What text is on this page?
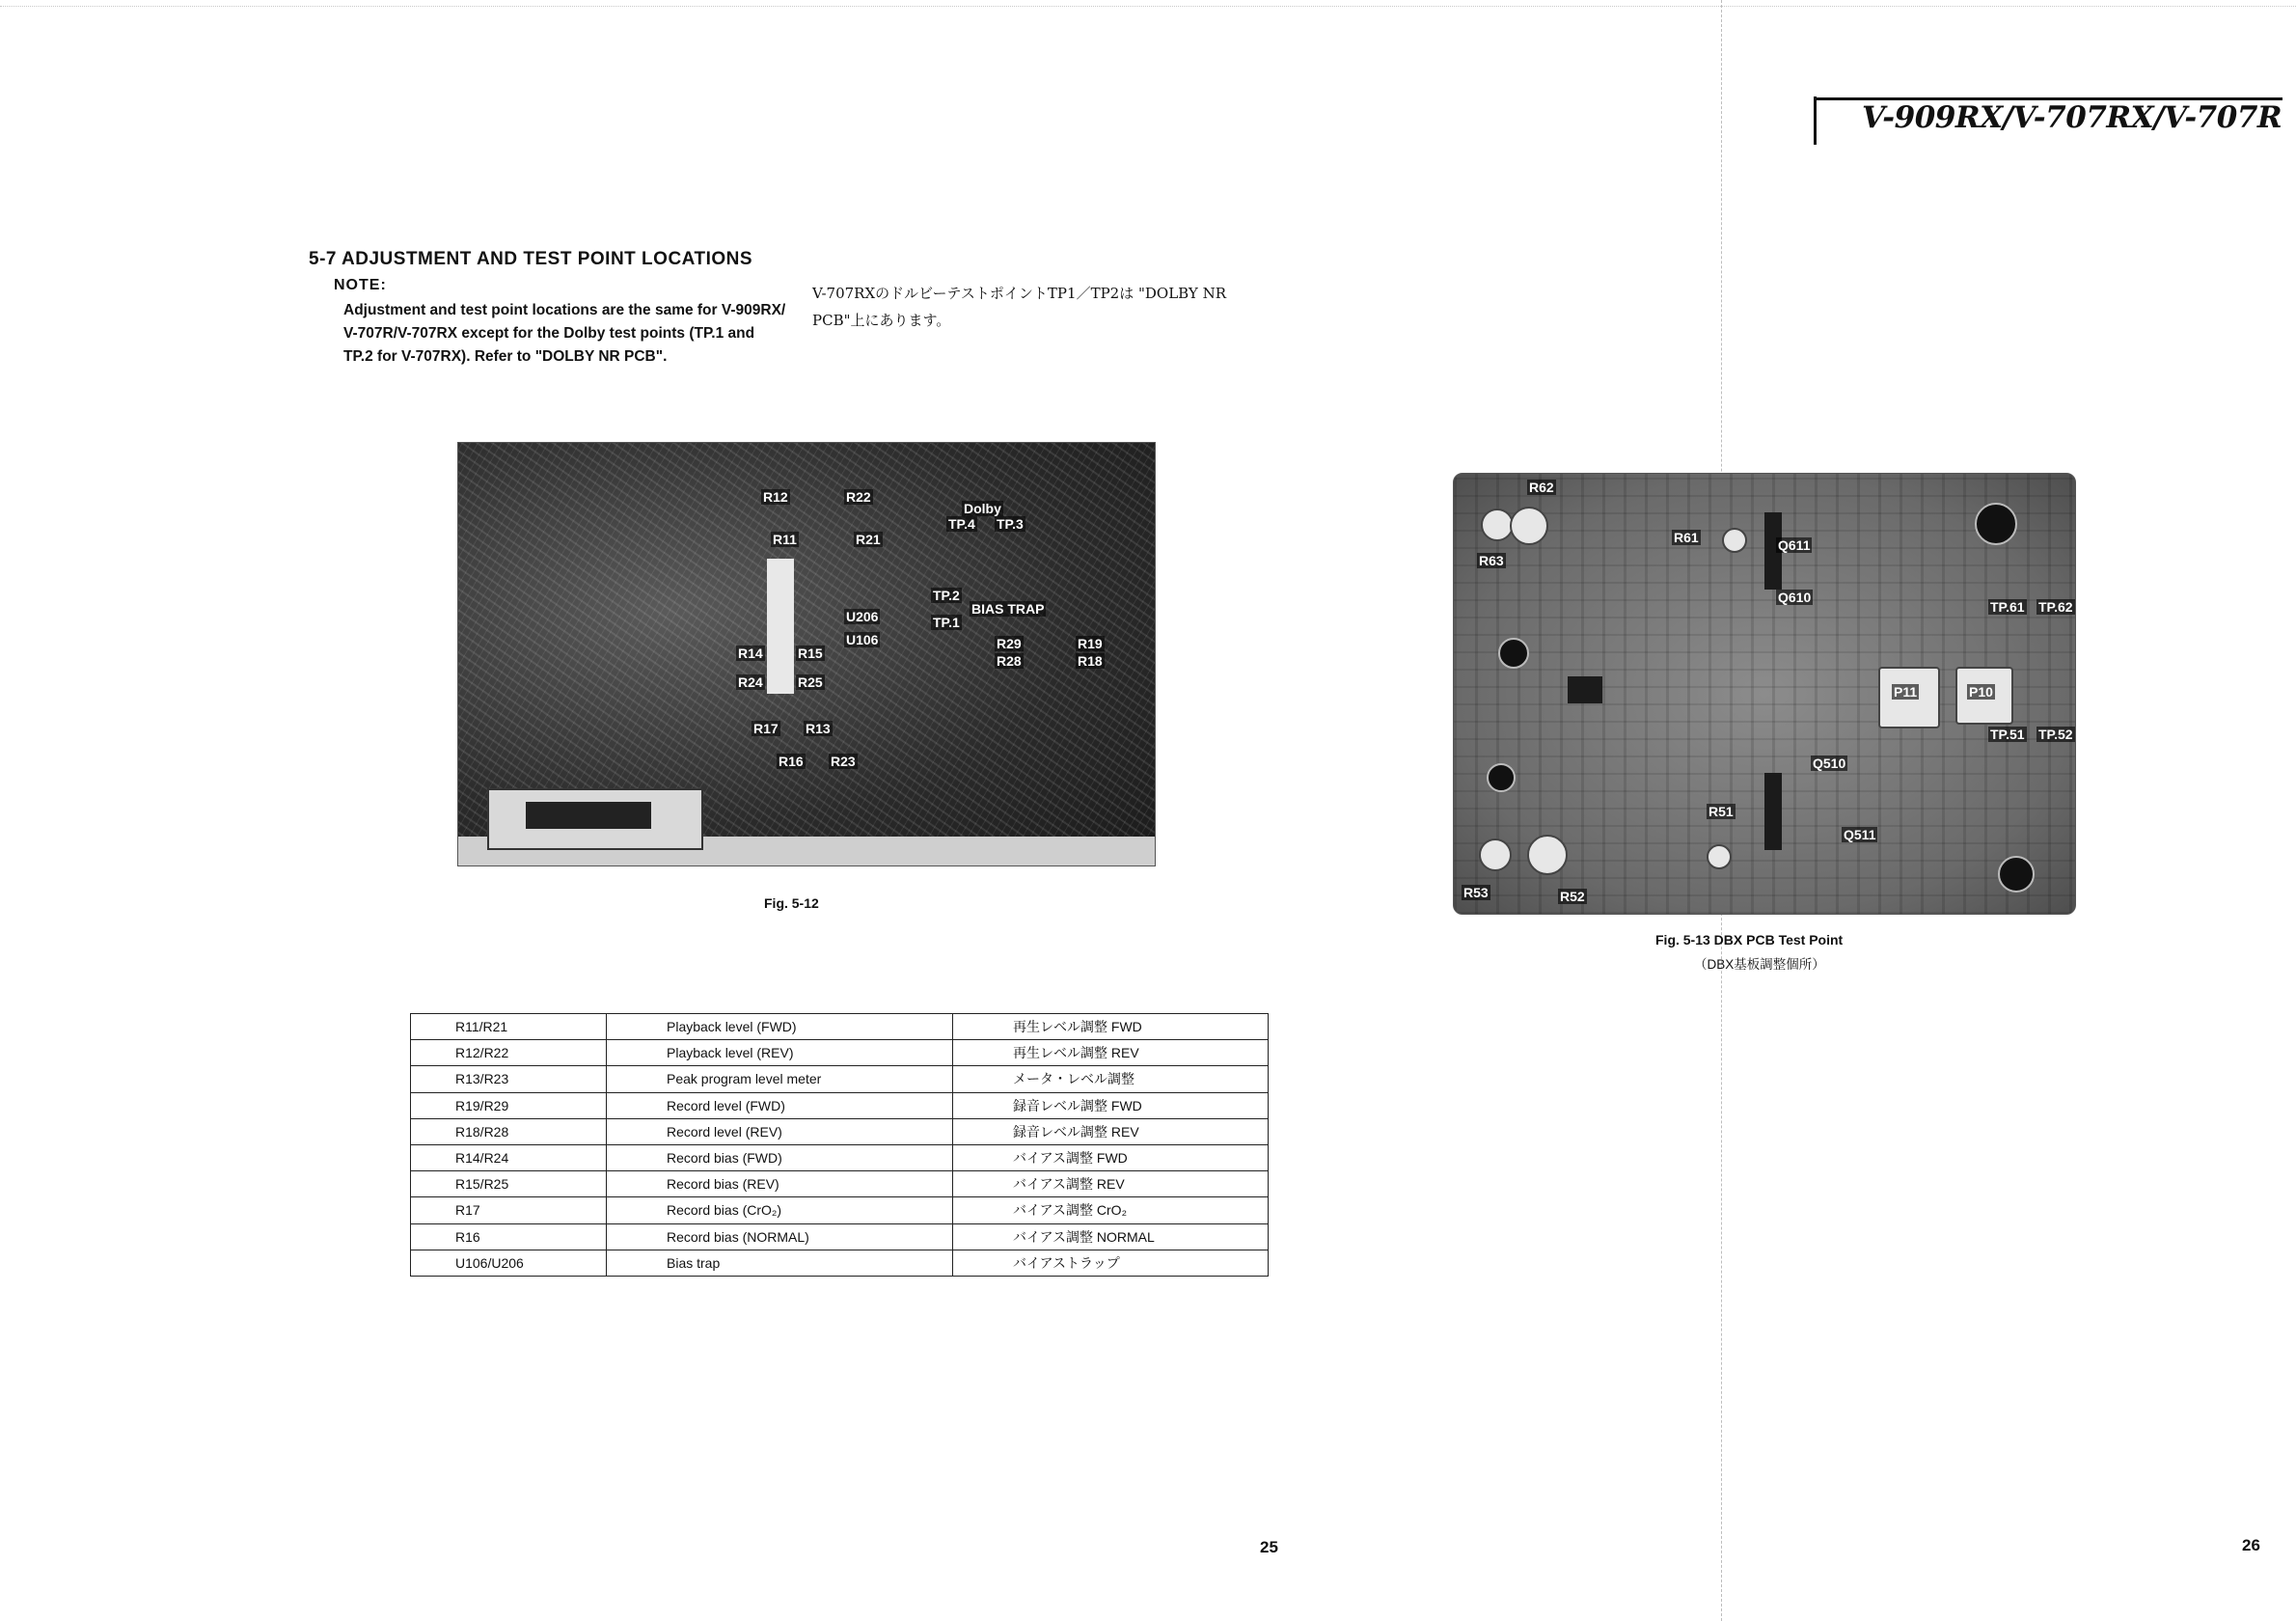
V-909RX/V-707RX/V-707R
5-7 ADJUSTMENT AND TEST POINT LOCATIONS
NOTE:
Adjustment and test point locations are the same for V-909RX/ V-707R/V-707RX except for the Dolby test points (TP.1 and TP.2 for V-707RX). Refer to "DOLBY NR PCB".
V-707RXのドルビーテストポイントTP1／TP2は "DOLBY NR PCB"上にあります。
R12	R22
Dolby
TP.4 TP.3
R11	R21
TP.2
BIAS TRAP
U206
U106
TP.1
R29	R19
R28	R18
R14	R15
R24	R25
R17 R13
R16 R23
Fig. 5-12
R62
R63
R61	Q611
Q610
TP.61 TP.62
P11	P10
TP.51 TP.52
Q510
R51
Q511
R53	R52
Fig. 5-13 DBX PCB Test Point
（DBX基板調整個所）
R11/R21	Playback level (FWD)	再生レベル調整 FWD
R12/R22	Playback level (REV)	再生レベル調整 REV
R13/R23	Peak program level meter	メータ・レベル調整
R19/R29	Record level (FWD)	録音レベル調整 FWD
R18/R28	Record level (REV)	録音レベル調整 REV
R14/R24	Record bias (FWD)	バイアス調整 FWD
R15/R25	Record bias (REV)	バイアス調整 REV
R17	Record bias (CrO₂)	バイアス調整 CrO₂
R16	Record bias (NORMAL)	バイアス調整 NORMAL
U106/U206	Bias trap	バイアストラップ
25	26
